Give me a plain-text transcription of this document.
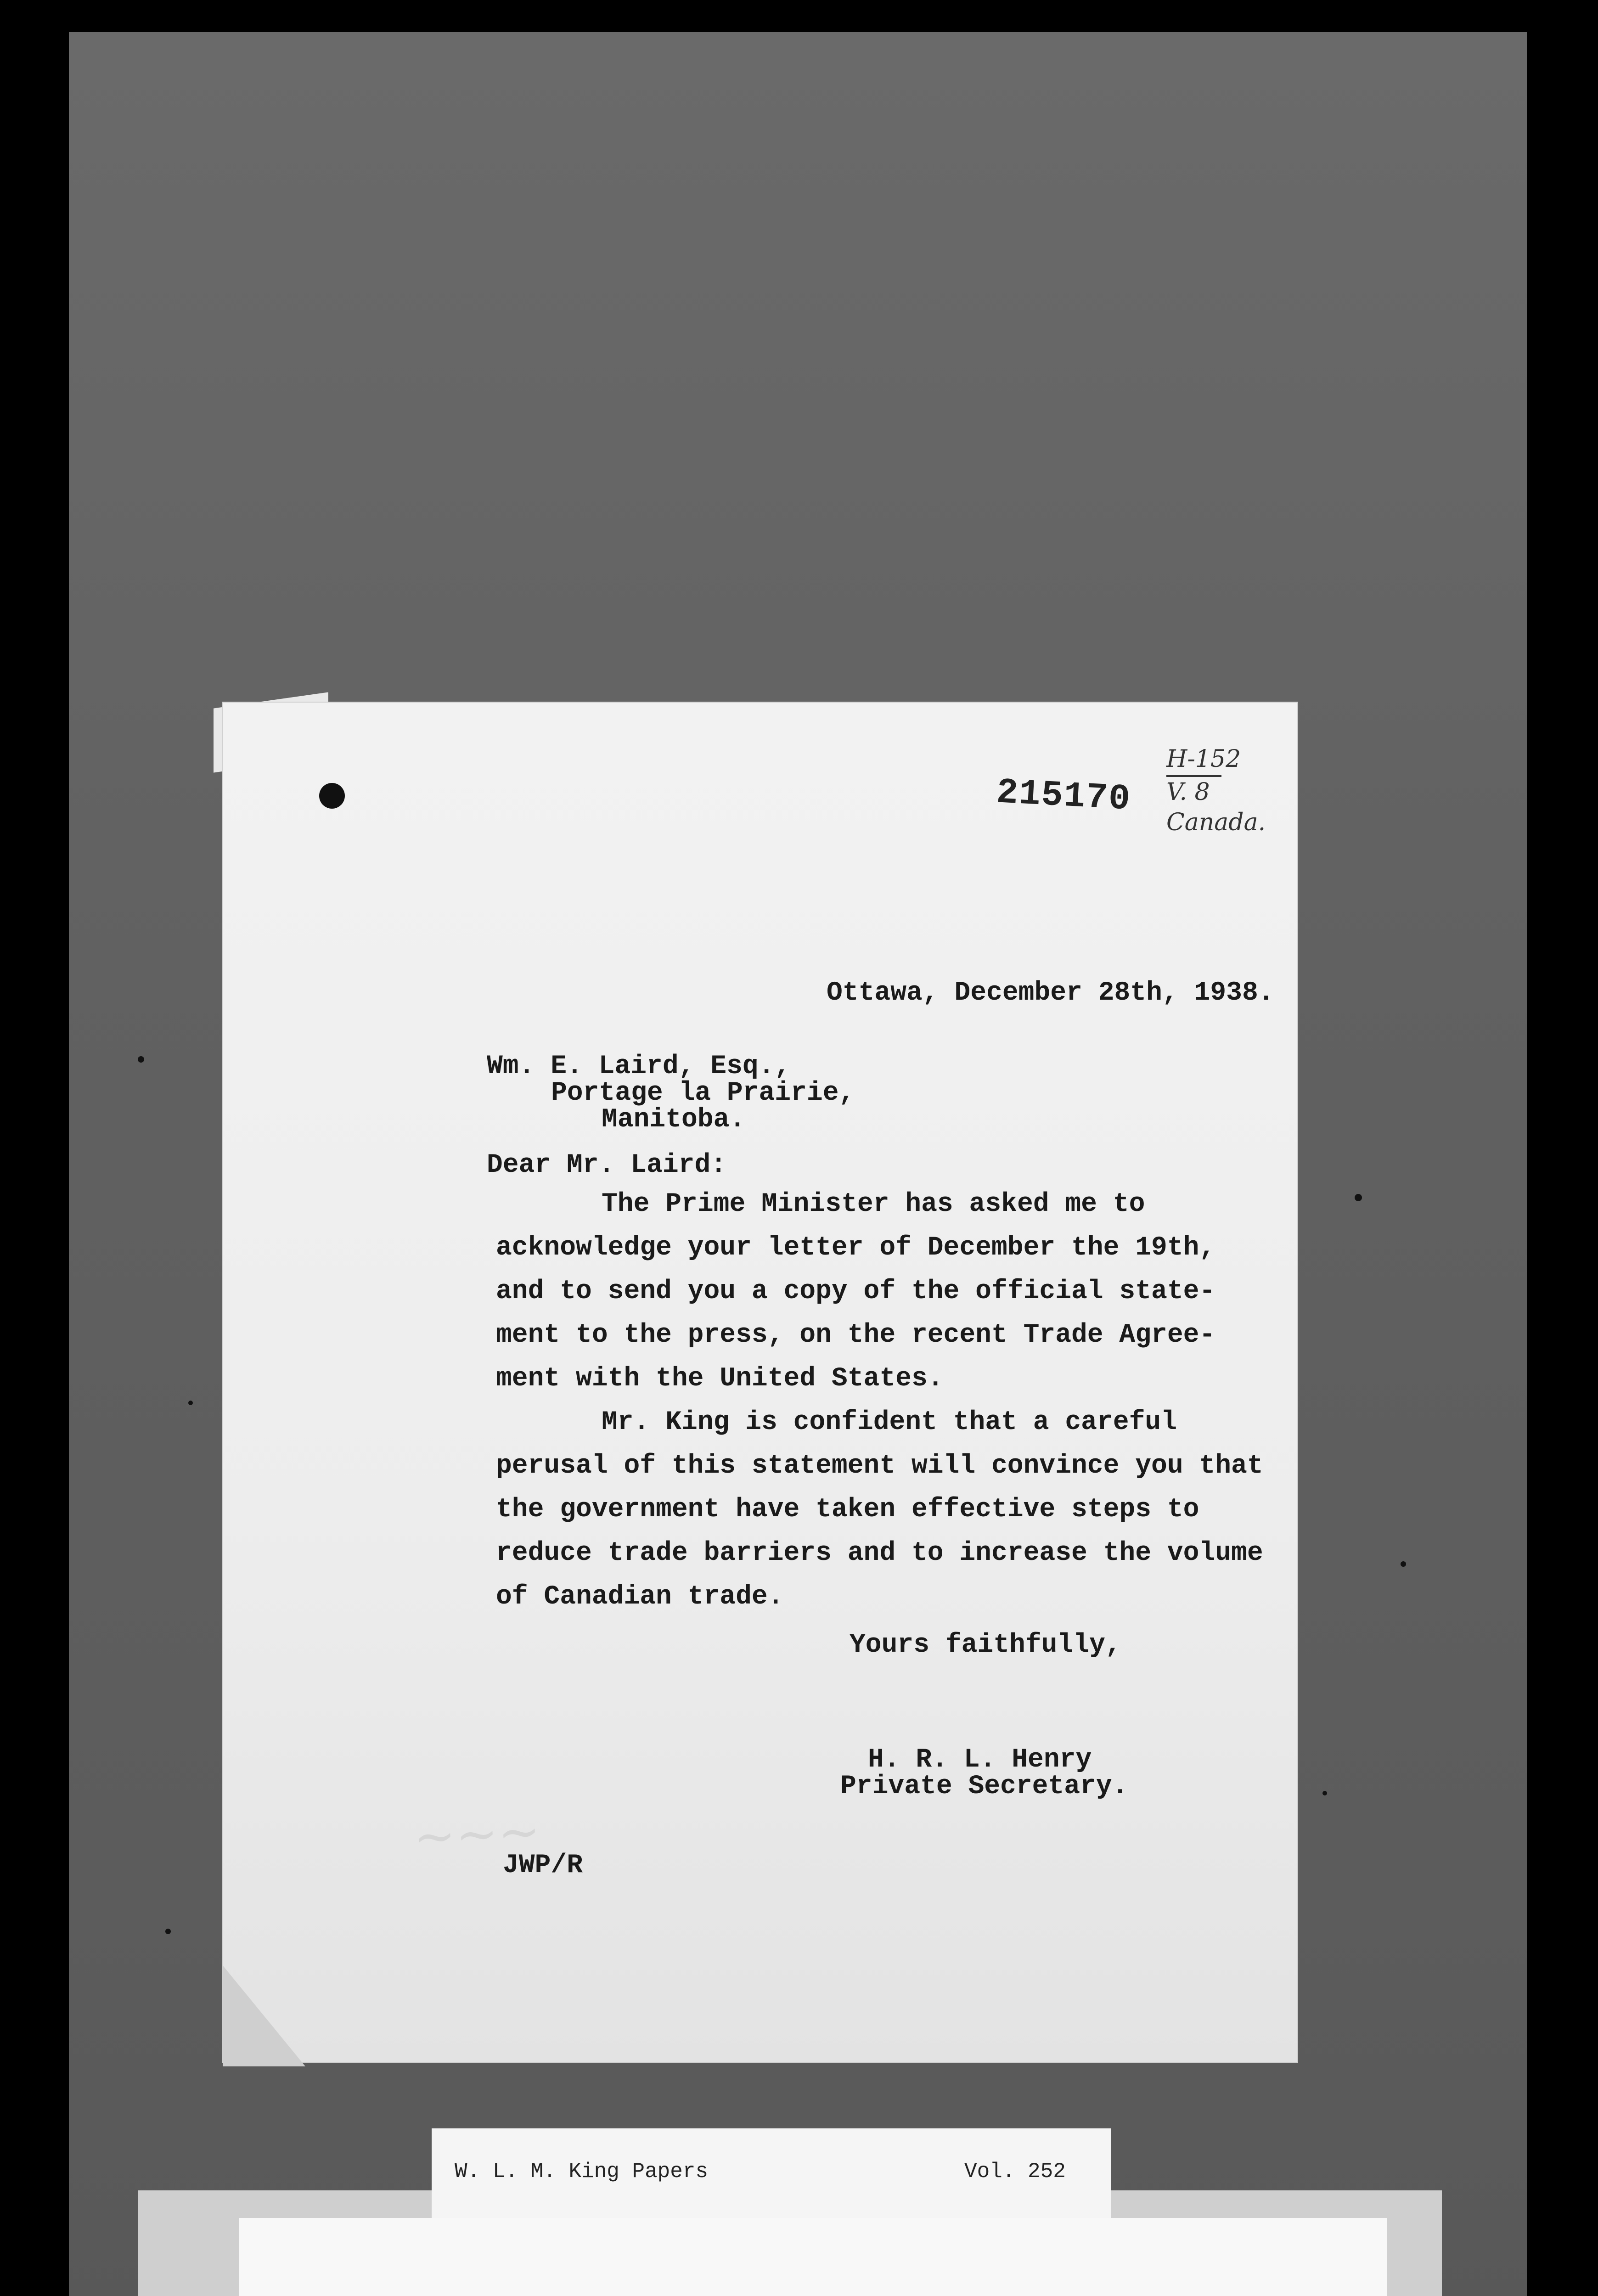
~~~
215170
H-152
V. 8
Canada.
Ottawa, December 28th, 1938.
Wm. E. Laird, Esq.,
Portage la Prairie,
Manitoba.
Dear Mr. Laird:
The Prime Minister has asked me to
acknowledge your letter of December the 19th,
and to send you a copy of the official state-
ment to the press, on the recent Trade Agree-
ment with the United States.
Mr. King is confident that a careful
perusal of this statement will convince you that
the government have taken effective steps to
reduce trade barriers and to increase the volume
of Canadian trade.
Yours faithfully,
H. R. L. Henry
Private Secretary.
JWP/R
W. L. M. King Papers	Vol. 252
